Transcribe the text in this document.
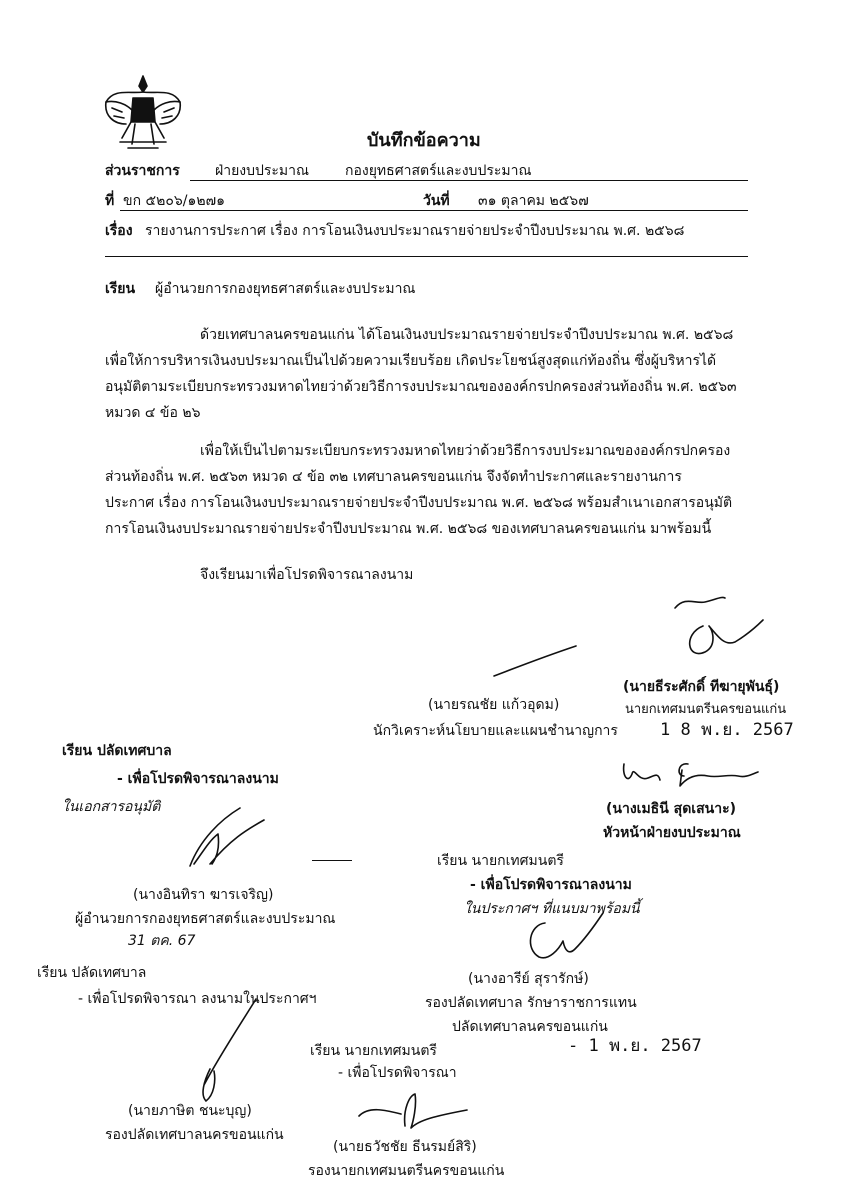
บันทึกข้อความ
ส่วนราชการ	ฝ่ายงบประมาณ	กองยุทธศาสตร์และงบประมาณ
ที่ ขก ๕๒๐๖/๑๒๗๑	วันที่ ๓๑ ตุลาคม ๒๕๖๗
เรื่อง รายงานการประกาศ เรื่อง การโอนเงินงบประมาณรายจ่ายประจำปีงบประมาณ พ.ศ. ๒๕๖๘
เรียน ผู้อำนวยการกองยุทธศาสตร์และงบประมาณ
ด้วยเทศบาลนครขอนแก่น ได้โอนเงินงบประมาณรายจ่ายประจำปีงบประมาณ พ.ศ. ๒๕๖๘
เพื่อให้การบริหารเงินงบประมาณเป็นไปด้วยความเรียบร้อย เกิดประโยชน์สูงสุดแก่ท้องถิ่น ซึ่งผู้บริหารได้
อนุมัติตามระเบียบกระทรวงมหาดไทยว่าด้วยวิธีการงบประมาณขององค์กรปกครองส่วนท้องถิ่น พ.ศ. ๒๕๖๓
หมวด ๔ ข้อ ๒๖
เพื่อให้เป็นไปตามระเบียบกระทรวงมหาดไทยว่าด้วยวิธีการงบประมาณขององค์กรปกครอง
ส่วนท้องถิ่น พ.ศ. ๒๕๖๓ หมวด ๔ ข้อ ๓๒ เทศบาลนครขอนแก่น จึงจัดทำประกาศและรายงานการ
ประกาศ เรื่อง การโอนเงินงบประมาณรายจ่ายประจำปีงบประมาณ พ.ศ. ๒๕๖๘ พร้อมสำเนาเอกสารอนุมัติ
การโอนเงินงบประมาณรายจ่ายประจำปีงบประมาณ พ.ศ. ๒๕๖๘ ของเทศบาลนครขอนแก่น มาพร้อมนี้
จึงเรียนมาเพื่อโปรดพิจารณาลงนาม
(นายรณชัย แก้วอุดม)
นักวิเคราะห์นโยบายและแผนชำนาญการ
(นายธีระศักดิ์ ทีฆายุพันธุ์)
นายกเทศมนตรีนครขอนแก่น
1 8 พ.ย. 2567
เรียน ปลัดเทศบาล
- เพื่อโปรดพิจารณาลงนาม
ในเอกสารอนุมัติ	(นางเมธินี สุดเสนาะ)
หัวหน้าฝ่ายงบประมาณ
เรียน นายกเทศมนตรี
- เพื่อโปรดพิจารณาลงนาม
ในประกาศฯ ที่แนบมาพร้อมนี้
(นางอินทิรา ฆารเจริญ)
ผู้อำนวยการกองยุทธศาสตร์และงบประมาณ
31 ตค. 67
(นางอารีย์ สุรารักษ์)
รองปลัดเทศบาล รักษาราชการแทน
ปลัดเทศบาลนครขอนแก่น
- 1 พ.ย. 2567
เรียน ปลัดเทศบาล
- เพื่อโปรดพิจารณา ลงนามในประกาศฯ
เรียน นายกเทศมนตรี
- เพื่อโปรดพิจารณา
(นายภาษิต ชนะบุญ)
รองปลัดเทศบาลนครขอนแก่น
(นายธวัชชัย ธีนรมย์สิริ)
รองนายกเทศมนตรีนครขอนแก่น
